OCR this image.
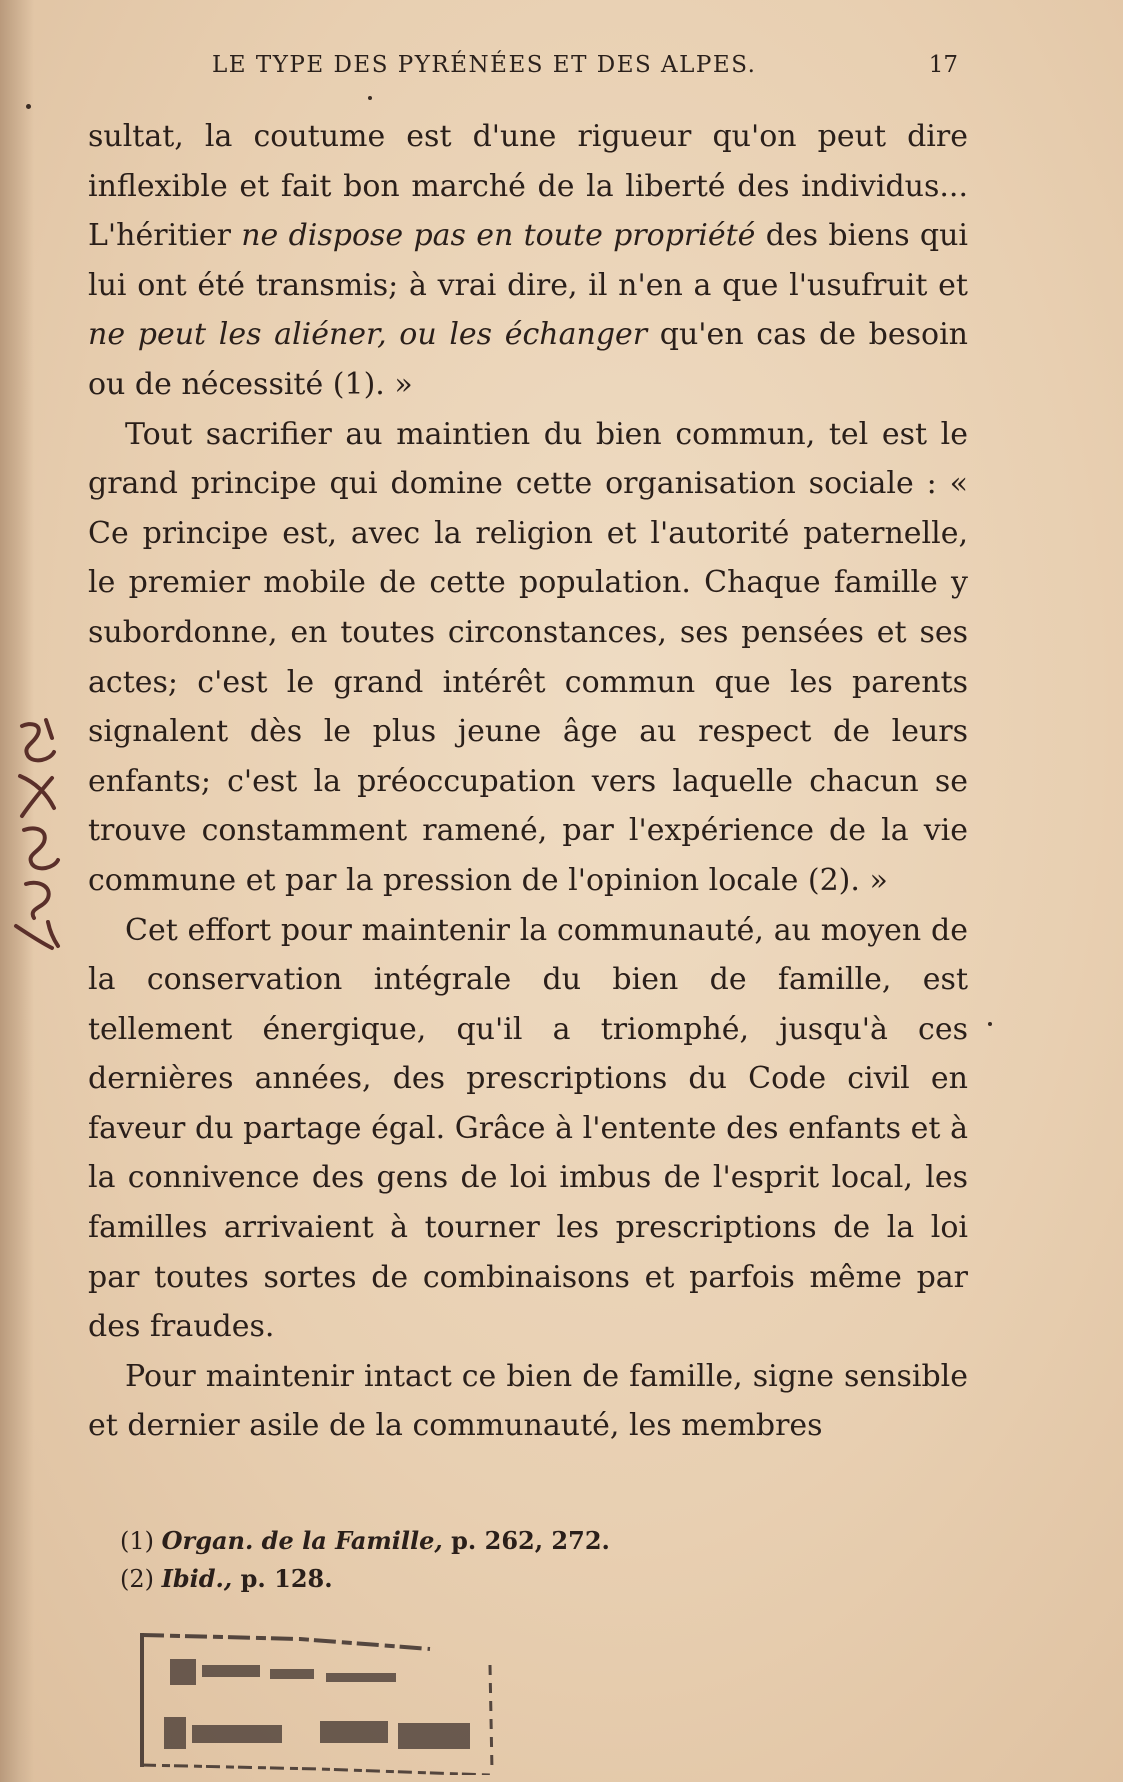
LE TYPE DES PYRÉNÉES ET DES ALPES.	17

sultat, la coutume est d'une rigueur qu'on peut dire inflexible et fait bon marché de la liberté des individus... L'héritier ne dispose pas en toute propriété des biens qui lui ont été transmis; à vrai dire, il n'en a que l'usufruit et ne peut les aliéner, ou les échanger qu'en cas de besoin ou de nécessité (1). »

Tout sacrifier au maintien du bien commun, tel est le grand principe qui domine cette organisation sociale : « Ce principe est, avec la religion et l'autorité paternelle, le premier mobile de cette population. Chaque famille y subordonne, en toutes circonstances, ses pensées et ses actes; c'est le grand intérêt commun que les parents signalent dès le plus jeune âge au respect de leurs enfants; c'est la préoccupation vers laquelle chacun se trouve constamment ramené, par l'expérience de la vie commune et par la pression de l'opinion locale (2). »

Cet effort pour maintenir la communauté, au moyen de la conservation intégrale du bien de famille, est tellement énergique, qu'il a triomphé, jusqu'à ces dernières années, des prescriptions du Code civil en faveur du partage égal. Grâce à l'entente des enfants et à la connivence des gens de loi imbus de l'esprit local, les familles arrivaient à tourner les prescriptions de la loi par toutes sortes de combinaisons et parfois même par des fraudes.

Pour maintenir intact ce bien de famille, signe sensible et dernier asile de la communauté, les membres

(1) Organ. de la Famille, p. 262, 272.

(2) Ibid., p. 128.
